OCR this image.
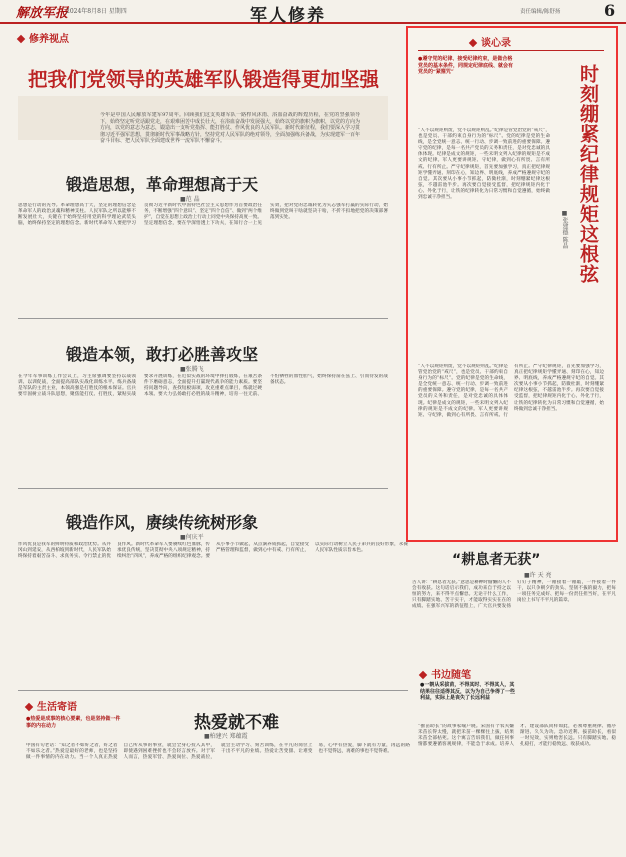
解放军报
2024年8月8日 星期四	军人修养	责任编辑/陈舒扬	6
修养视点
把我们党领导的英雄军队锻造得更加坚强
今年是中国人民解放军建军97周年。回顾我们这支英雄军队一路栉风沐雨、浴血奋战的辉煌历程，在党的坚强领导下，始终坚定听党话跟党走，在艰难困苦中成长壮大，在浴血奋战中发展强大，始终以党的旗帜为旗帜，以党的方向为方向，以党的意志为意志，锻造出一支听党指挥、能打胜仗、作风优良的人民军队。新时代新征程，我们要深入学习贯彻习近平强军思想，贯彻新时代军事战略方针，坚持党对人民军队的绝对领导，全面加强练兵备战，为实现建军一百年奋斗目标、把人民军队全面建成世界一流军队不懈奋斗。
锻造思想，革命理想高于天
■范 晶
思想是行动的先导。革命理想高于天，坚定的理想信念是革命军人的政治灵魂和精神支柱。人民军队之所以能够不断发展壮大，关键在于始终坚持用党的科学理论武装头脑，始终保持坚定的理想信念。新时代革命军人要把学习贯彻习近平新时代中国特色社会主义思想作为首要政治任务，不断增强“四个意识”、坚定“四个自信”、做到“两个维护”，自觉在思想上政治上行动上同党中央保持高度一致。坚定理想信念，要在学深悟透上下功夫，在知行合一上见实效，把对党的忠诚转化为矢志强军打赢的实际行动，始终做到党叫干啥就坚决干啥，不折不扣地把党的决策部署落到实处。
锻造本领，敢打必胜善攻坚
■张腾飞
在今年军事训练工作会议上，习主席强调要坚持以战领训、以训促战，全面提高部队实战化训练水平。练兵备战是军队的主责主业，本领高强是打胜仗的根本保证。官兵要牢固树立战斗队思想，聚焦能打仗、打胜仗，紧贴实战要求开展训练，在近似实战的环境中摔打锻炼，在艰苦条件下磨砺意志，全面提升打赢现代战争的能力素质。要坚持问题导向，查找短板弱项，攻克重难点课目，练就过硬本领。要大力弘扬敢打必胜的战斗精神，培育一往无前、不怕牺牲的血性胆气，始终保持箭在弦上、引而待发的战备状态。
锻造作风，赓续传统树形象
■何庆平
作风优良是我军的鲜明特质和政治优势。从井冈山到延安，从西柏坡到新时代，人民军队始终保持着艰苦奋斗、求真务实、令行禁止的优良作风。新时代革命军人要赓续红色血脉，传承优良传统，坚决贯彻中央八项规定精神，持续纠治“四风”，养成严格的组织纪律观念。要从小事小节做起，从点滴养成抓起，自觉接受严格管理和监督，做到心中有戒、行有所止，以实际行动树立人民子弟兵的良好形象，永葆人民军队性质宗旨本色。
谈心录
●遵守党的纪律、接受纪律约束，是做合格党员的基本条件，同规定纪律底线、就会有党员的“紧箍咒”	时刻绷紧纪律规矩这根弦
■张建德 陈晶
“人不以规矩则废，党不以规矩则乱。”纪律是管党治党的“戒尺”，也是党员、干部约束自身行为的“标尺”。党的纪律是党的生命线，是全党统一意志、统一行动、步调一致前进的重要保障。遵守党的纪律，是每一名共产党员的义务和责任，是对党忠诚的具体体现。纪律是成文的规矩，一些未明文列入纪律的规矩是不成文的纪律。军人更要讲规矩、守纪律，做到心有所畏、言有所戒、行有所止。严守纪律规矩，首先要加强学习，真正把纪律规矩学懂弄通、刻印在心，知边界、明底线，养成严格遵规守纪的自觉。其次要从小事小节抓起，防微杜渐，时刻绷紧纪律这根弦，不越雷池半步。再次要自觉接受监督，把纪律规矩内化于心、外化于行，让铁的纪律转化为日常习惯和自觉遵循，始终做到忠诚干净担当。
“人不以规矩则废，党不以规矩则乱。”纪律是管党治党的“戒尺”，也是党员、干部约束自身行为的“标尺”。党的纪律是党的生命线，是全党统一意志、统一行动、步调一致前进的重要保障。遵守党的纪律，是每一名共产党员的义务和责任，是对党忠诚的具体体现。纪律是成文的规矩，一些未明文列入纪律的规矩是不成文的纪律。军人更要讲规矩、守纪律，做到心有所畏、言有所戒、行有所止。严守纪律规矩，首先要加强学习，真正把纪律规矩学懂弄通、刻印在心，知边界、明底线，养成严格遵规守纪的自觉。其次要从小事小节抓起，防微杜渐，时刻绷紧纪律这根弦，不越雷池半步。再次要自觉接受监督，把纪律规矩内化于心、外化于行，让铁的纪律转化为日常习惯和自觉遵循，始终做到忠诚干净担当。
“耕息者无获”
■许 天 亮
古人讲：“耕息者无获。”意思是耕种时偷懒的人不会有收获。这句话启示我们，成功来自于持之以恒的努力，来不得半点懈怠。无论干什么工作，只有脚踏实地、苦干实干，才能取得实实在在的成绩。在强军兴军的新征程上，广大官兵要发扬钉钉子精神，一锤接着一锤敲，一件接着一件干，以只争朝夕的劲头、坚韧不拔的毅力，把每一项任务完成好、把每一份责任担当好，在平凡岗位上书写不平凡的篇章。
生活寄语
●热爱是成事的核心要素，也是坚持做一件事的内在动力	热爱就不难
■柏建兴 郑蕴霞
中国有句老话：“知之者不如好之者，好之者不如乐之者。”热爱是最好的老师，也是坚持做一件事情的内在动力。当一个人真正热爱自己所从事的事业，就会全身心投入其中，即使遇到困难挫折也不会轻言放弃。对于军人而言，热爱军营、热爱岗位、热爱战位，就会主动学习、刻苦训练，在平凡的岗位上干出不平凡的业绩。热爱让苦变甜、让难变易，心中有热爱，脚下就有力量，再远的路也不觉得远，再难的事也不觉得难。
书边随笔
●一朝从采拔苗，不得其时、不得其人，其结果往往适得其反，以为为自己争得了一些利益，实际上是丧失了长远利益
“揠苗助长”的故事家喻户晓。宋国有个农夫嫌禾苗长得太慢，就把禾苗一棵棵往上拔，结果禾苗全部枯死。这个寓言告诉我们，做任何事情都要遵循客观规律，不能急于求成。培养人才、建设部队同样如此，必须尊重规律、循序渐进、久久为功。急功近利、拔苗助长，看似一时见效，实则贻害长远。只有脚踏实地、稳扎稳打，才能行稳致远、收获成功。
